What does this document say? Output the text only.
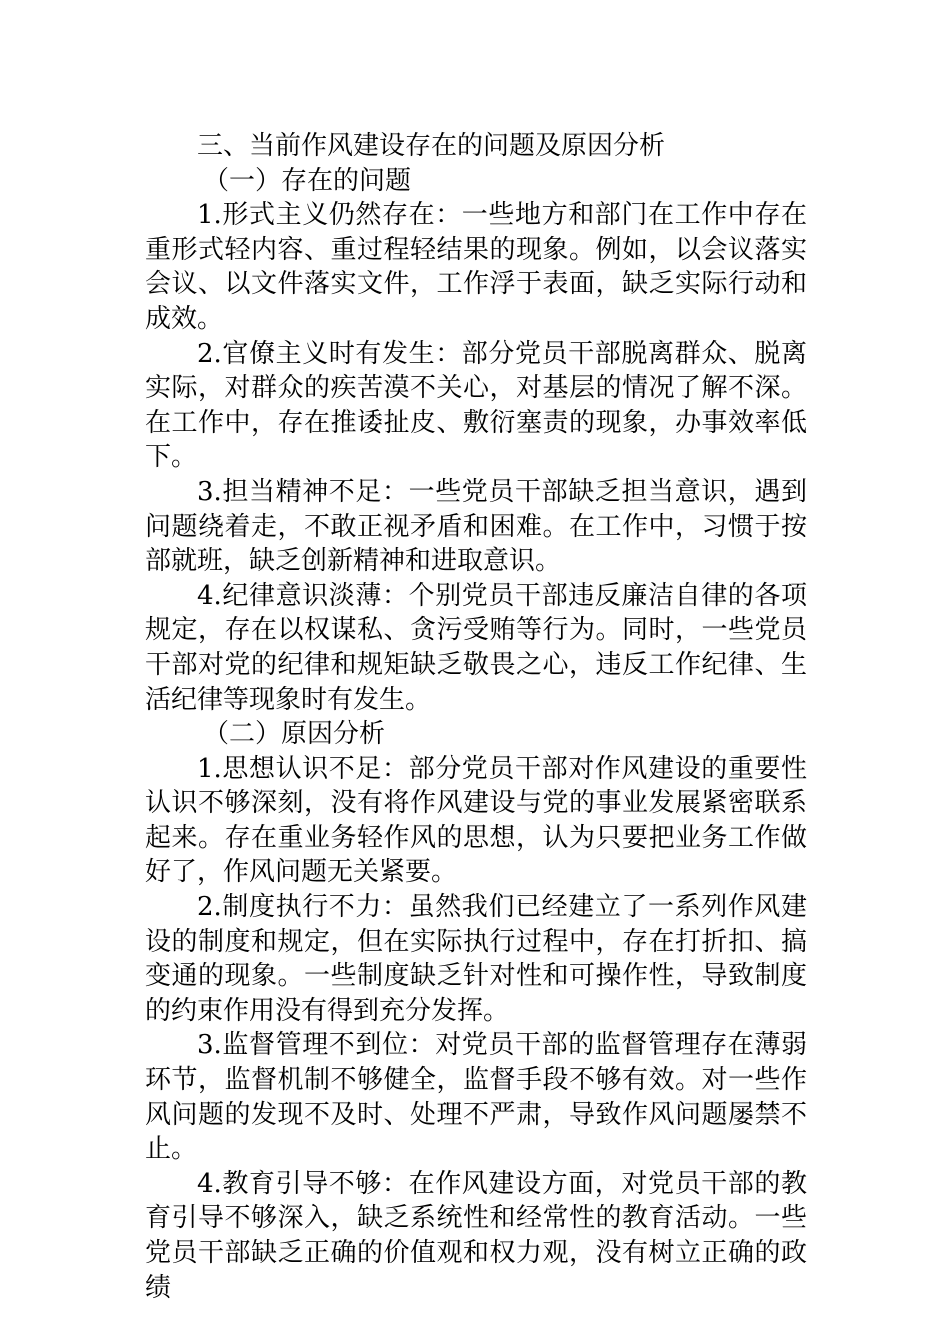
三、当前作风建设存在的问题及原因分析

（一）存在的问题

1.形式主义仍然存在：一些地方和部门在工作中存在重形式轻内容、重过程轻结果的现象。例如，以会议落实会议、以文件落实文件，工作浮于表面，缺乏实际行动和成效。

2.官僚主义时有发生：部分党员干部脱离群众、脱离实际，对群众的疾苦漠不关心，对基层的情况了解不深。在工作中，存在推诿扯皮、敷衍塞责的现象，办事效率低下。

3.担当精神不足：一些党员干部缺乏担当意识，遇到问题绕着走，不敢正视矛盾和困难。在工作中，习惯于按部就班，缺乏创新精神和进取意识。

4.纪律意识淡薄：个别党员干部违反廉洁自律的各项规定，存在以权谋私、贪污受贿等行为。同时，一些党员干部对党的纪律和规矩缺乏敬畏之心，违反工作纪律、生活纪律等现象时有发生。

（二）原因分析

1.思想认识不足：部分党员干部对作风建设的重要性认识不够深刻，没有将作风建设与党的事业发展紧密联系起来。存在重业务轻作风的思想，认为只要把业务工作做好了，作风问题无关紧要。

2.制度执行不力：虽然我们已经建立了一系列作风建设的制度和规定，但在实际执行过程中，存在打折扣、搞变通的现象。一些制度缺乏针对性和可操作性，导致制度的约束作用没有得到充分发挥。

3.监督管理不到位：对党员干部的监督管理存在薄弱环节，监督机制不够健全，监督手段不够有效。对一些作风问题的发现不及时、处理不严肃，导致作风问题屡禁不止。

4.教育引导不够：在作风建设方面，对党员干部的教育引导不够深入，缺乏系统性和经常性的教育活动。一些党员干部缺乏正确的价值观和权力观，没有树立正确的政绩
